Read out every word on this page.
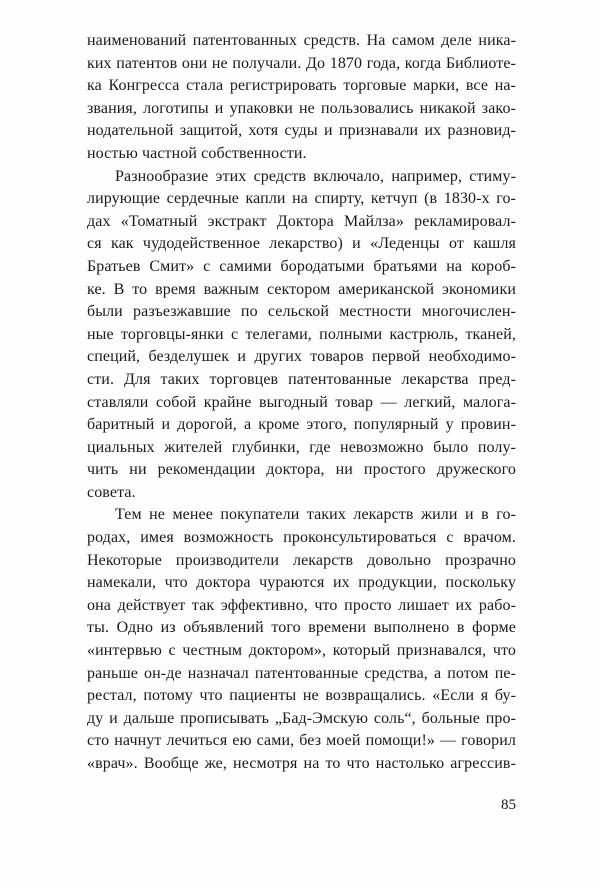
наименований патентованных средств. На самом деле ника-
ких патентов они не получали. До 1870 года, когда Библиоте-
ка Конгресса стала регистрировать торговые марки, все на-
звания, логотипы и упаковки не пользовались никакой зако-
нодательной защитой, хотя суды и признавали их разновид-
ностью частной собственности.
Разнообразие этих средств включало, например, стиму-
лирующие сердечные капли на спирту, кетчуп (в 1830-х го-
дах «Томатный экстракт Доктора Майлза» рекламировал-
ся как чудодейственное лекарство) и «Леденцы от кашля
Братьев Смит» с самими бородатыми братьями на короб-
ке. В то время важным сектором американской экономики
были разъезжавшие по сельской местности многочислен-
ные торговцы-янки с телегами, полными кастрюль, тканей,
специй, безделушек и других товаров первой необходимо-
сти. Для таких торговцев патентованные лекарства пред-
ставляли собой крайне выгодный товар — легкий, малога-
баритный и дорогой, а кроме этого, популярный у провин-
циальных жителей глубинки, где невозможно было полу-
чить ни рекомендации доктора, ни простого дружеского
совета.
Тем не менее покупатели таких лекарств жили и в го-
родах, имея возможность проконсультироваться с врачом.
Некоторые производители лекарств довольно прозрачно
намекали, что доктора чураются их продукции, поскольку
она действует так эффективно, что просто лишает их рабо-
ты. Одно из объявлений того времени выполнено в форме
«интервью с честным доктором», который признавался, что
раньше он-де назначал патентованные средства, а потом пе-
рестал, потому что пациенты не возвращались. «Если я бу-
ду и дальше прописывать „Бад-Эмскую соль“, больные про-
сто начнут лечиться ею сами, без моей помощи!» — говорил
«врач». Вообще же, несмотря на то что настолько агрессив-
85
